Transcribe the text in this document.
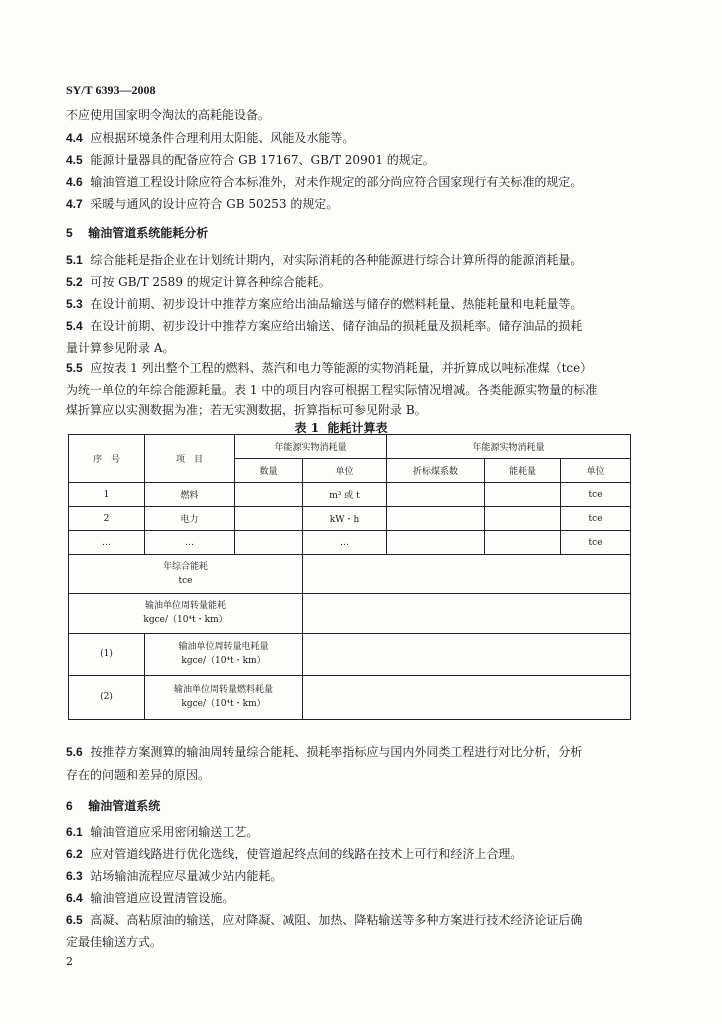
SY/T 6393—2008
不应使用国家明令淘汰的高耗能设备。
4.4 应根据环境条件合理利用太阳能、风能及水能等。
4.5 能源计量器具的配备应符合 GB 17167、GB/T 20901 的规定。
4.6 输油管道工程设计除应符合本标准外，对未作规定的部分尚应符合国家现行有关标准的规定。
4.7 采暖与通风的设计应符合 GB 50253 的规定。
5 输油管道系统能耗分析
5.1 综合能耗是指企业在计划统计期内，对实际消耗的各种能源进行综合计算所得的能源消耗量。
5.2 可按 GB/T 2589 的规定计算各种综合能耗。
5.3 在设计前期、初步设计中推荐方案应给出油品输送与储存的燃料耗量、热能耗量和电耗量等。
5.4 在设计前期、初步设计中推荐方案应给出输送、储存油品的损耗量及损耗率。储存油品的损耗
量计算参见附录 A。
5.5 应按表 1 列出整个工程的燃料、蒸汽和电力等能源的实物消耗量，并折算成以吨标准煤（tce）
为统一单位的年综合能源耗量。表 1 中的项目内容可根据工程实际情况增减。各类能源实物量的标准
煤折算应以实测数据为准；若无实测数据，折算指标可参见附录 B。
表 1 能耗计算表
序　号	项　目	年能源实物消耗量		年能源实物消耗量		
		数量	单位	折标煤系数	能耗量	单位
1	燃料		m³ 或 t			tce
2	电力		kW・h			tce
…	…		…			tce

年综合能耗
tce						

输油单位周转量能耗
kgce/（10⁴t・km）						

(1)	输油单位周转量电耗量
kgce/（10⁴t・km）					

(2)	输油单位周转量燃料耗量
kgce/（10⁴t・km）					

5.6 按推荐方案测算的输油周转量综合能耗、损耗率指标应与国内外同类工程进行对比分析，分析
存在的问题和差异的原因。
6 输油管道系统
6.1 输油管道应采用密闭输送工艺。
6.2 应对管道线路进行优化选线，使管道起终点间的线路在技术上可行和经济上合理。
6.3 站场输油流程应尽量减少站内能耗。
6.4 输油管道应设置清管设施。
6.5 高凝、高粘原油的输送，应对降凝、减阻、加热、降粘输送等多种方案进行技术经济论证后确
定最佳输送方式。
2
